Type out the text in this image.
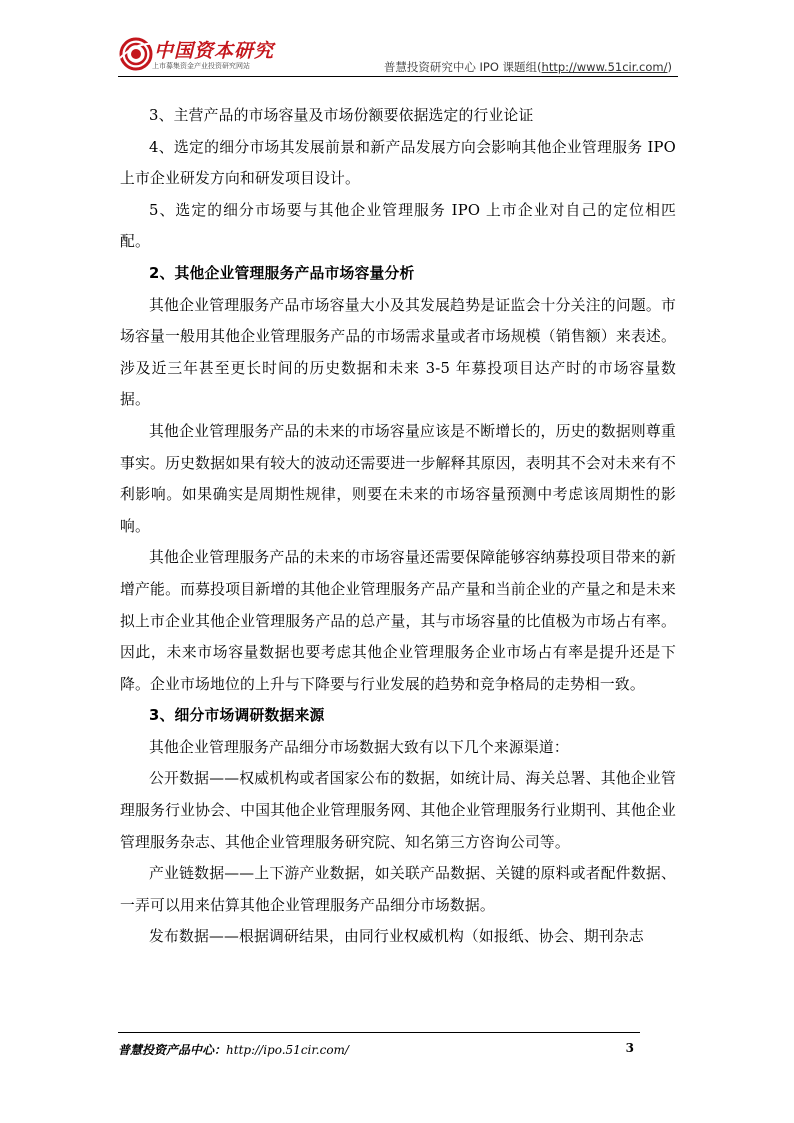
中国资本研究
上市募集资金产业投资研究网站	普慧投资研究中心 IPO 课题组(http://www.51cir.com/)

3、主营产品的市场容量及市场份额要依据选定的行业论证

4、选定的细分市场其发展前景和新产品发展方向会影响其他企业管理服务 IPO 上市企业研发方向和研发项目设计。

5、选定的细分市场要与其他企业管理服务 IPO 上市企业对自己的定位相匹配。

2、其他企业管理服务产品市场容量分析

其他企业管理服务产品市场容量大小及其发展趋势是证监会十分关注的问题。市场容量一般用其他企业管理服务产品的市场需求量或者市场规模（销售额）来表述。涉及近三年甚至更长时间的历史数据和未来 3-5 年募投项目达产时的市场容量数据。

其他企业管理服务产品的未来的市场容量应该是不断增长的，历史的数据则尊重事实。历史数据如果有较大的波动还需要进一步解释其原因，表明其不会对未来有不利影响。如果确实是周期性规律，则要在未来的市场容量预测中考虑该周期性的影响。

其他企业管理服务产品的未来的市场容量还需要保障能够容纳募投项目带来的新增产能。而募投项目新增的其他企业管理服务产品产量和当前企业的产量之和是未来拟上市企业其他企业管理服务产品的总产量，其与市场容量的比值极为市场占有率。因此，未来市场容量数据也要考虑其他企业管理服务企业市场占有率是提升还是下降。企业市场地位的上升与下降要与行业发展的趋势和竞争格局的走势相一致。

3、细分市场调研数据来源

其他企业管理服务产品细分市场数据大致有以下几个来源渠道：

公开数据——权威机构或者国家公布的数据，如统计局、海关总署、其他企业管理服务行业协会、中国其他企业管理服务网、其他企业管理服务行业期刊、其他企业管理服务杂志、其他企业管理服务研究院、知名第三方咨询公司等。

产业链数据——上下游产业数据，如关联产品数据、关键的原料或者配件数据、一弄可以用来估算其他企业管理服务产品细分市场数据。

发布数据——根据调研结果，由同行业权威机构（如报纸、协会、期刊杂志

普慧投资产品中心：http://ipo.51cir.com/	3
